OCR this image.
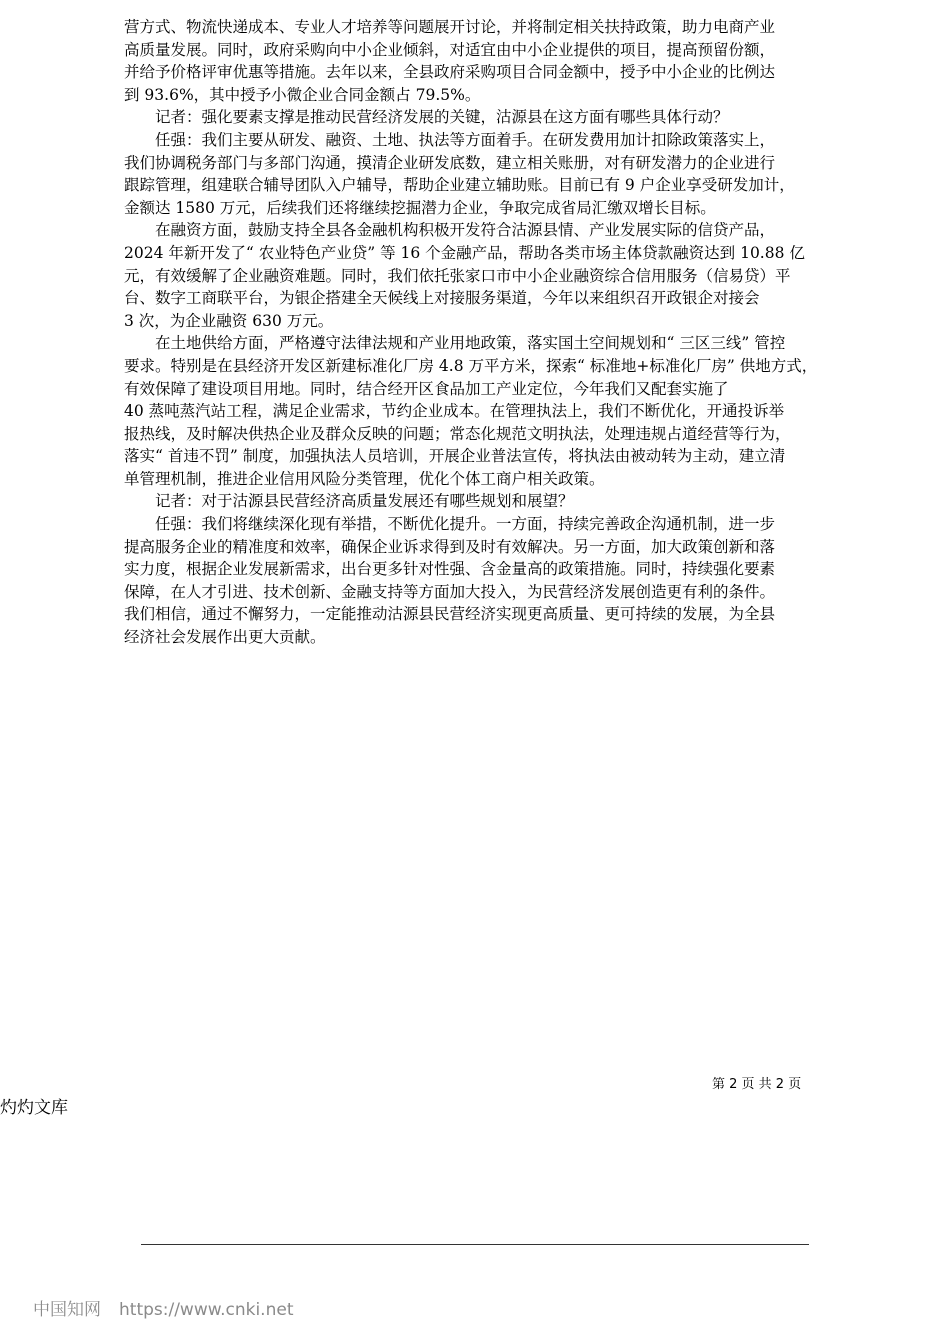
营方式、物流快递成本、专业人才培养等问题展开讨论，并将制定相关扶持政策，助力电商产业
高质量发展。同时，政府采购向中小企业倾斜，对适宜由中小企业提供的项目，提高预留份额，
并给予价格评审优惠等措施。去年以来，全县政府采购项目合同金额中，授予中小企业的比例达
到 93.6%，其中授予小微企业合同金额占 79.5%。
记者：强化要素支撑是推动民营经济发展的关键，沽源县在这方面有哪些具体行动？
任强：我们主要从研发、融资、土地、执法等方面着手。在研发费用加计扣除政策落实上，
我们协调税务部门与多部门沟通，摸清企业研发底数，建立相关账册，对有研发潜力的企业进行
跟踪管理，组建联合辅导团队入户辅导，帮助企业建立辅助账。目前已有 9 户企业享受研发加计，
金额达 1580 万元，后续我们还将继续挖掘潜力企业，争取完成省局汇缴双增长目标。
在融资方面，鼓励支持全县各金融机构积极开发符合沽源县情、产业发展实际的信贷产品，
2024 年新开发了“ 农业特色产业贷” 等 16 个金融产品，帮助各类市场主体贷款融资达到 10.88 亿
元，有效缓解了企业融资难题。同时，我们依托张家口市中小企业融资综合信用服务（信易贷）平
台、数字工商联平台，为银企搭建全天候线上对接服务渠道，今年以来组织召开政银企对接会
3 次，为企业融资 630 万元。
在土地供给方面，严格遵守法律法规和产业用地政策，落实国土空间规划和“ 三区三线” 管控
要求。特别是在县经济开发区新建标准化厂房 4.8 万平方米，探索“ 标准地+标准化厂房” 供地方式，
有效保障了建设项目用地。同时，结合经开区食品加工产业定位，今年我们又配套实施了
40 蒸吨蒸汽站工程，满足企业需求，节约企业成本。在管理执法上，我们不断优化，开通投诉举
报热线，及时解决供热企业及群众反映的问题；常态化规范文明执法，处理违规占道经营等行为，
落实“ 首违不罚” 制度，加强执法人员培训，开展企业普法宣传，将执法由被动转为主动，建立清
单管理机制，推进企业信用风险分类管理，优化个体工商户相关政策。
记者：对于沽源县民营经济高质量发展还有哪些规划和展望？
任强：我们将继续深化现有举措，不断优化提升。一方面，持续完善政企沟通机制，进一步
提高服务企业的精准度和效率，确保企业诉求得到及时有效解决。另一方面，加大政策创新和落
实力度，根据企业发展新需求，出台更多针对性强、含金量高的政策措施。同时，持续强化要素
保障，在人才引进、技术创新、金融支持等方面加大投入，为民营经济发展创造更有利的条件。
我们相信，通过不懈努力，一定能推动沽源县民营经济实现更高质量、更可持续的发展，为全县
经济社会发展作出更大贡献。
第 2 页 共 2 页
灼灼文库
中国知网 https://www.cnki.net
